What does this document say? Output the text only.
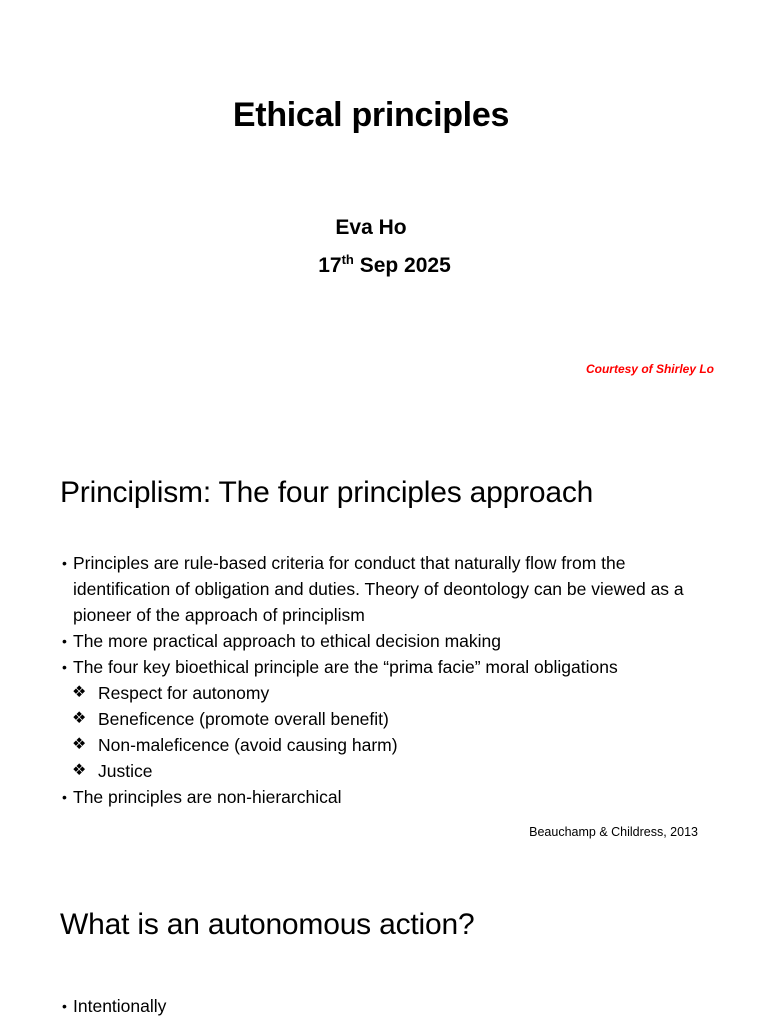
Ethical principles
Eva Ho
17th Sep 2025
Courtesy of Shirley Lo
Principlism: The four principles approach
• Principles are rule-based criteria for conduct that naturally flow from the identification of obligation and duties. Theory of deontology can be viewed as a pioneer of the approach of principlism
• The more practical approach to ethical decision making
• The four key bioethical principle are the “prima facie” moral obligations
❖ Respect for autonomy
❖ Beneficence (promote overall benefit)
❖ Non-maleficence (avoid causing harm)
❖ Justice
• The principles are non-hierarchical
Beauchamp & Childress, 2013
What is an autonomous action?
• Intentionally
